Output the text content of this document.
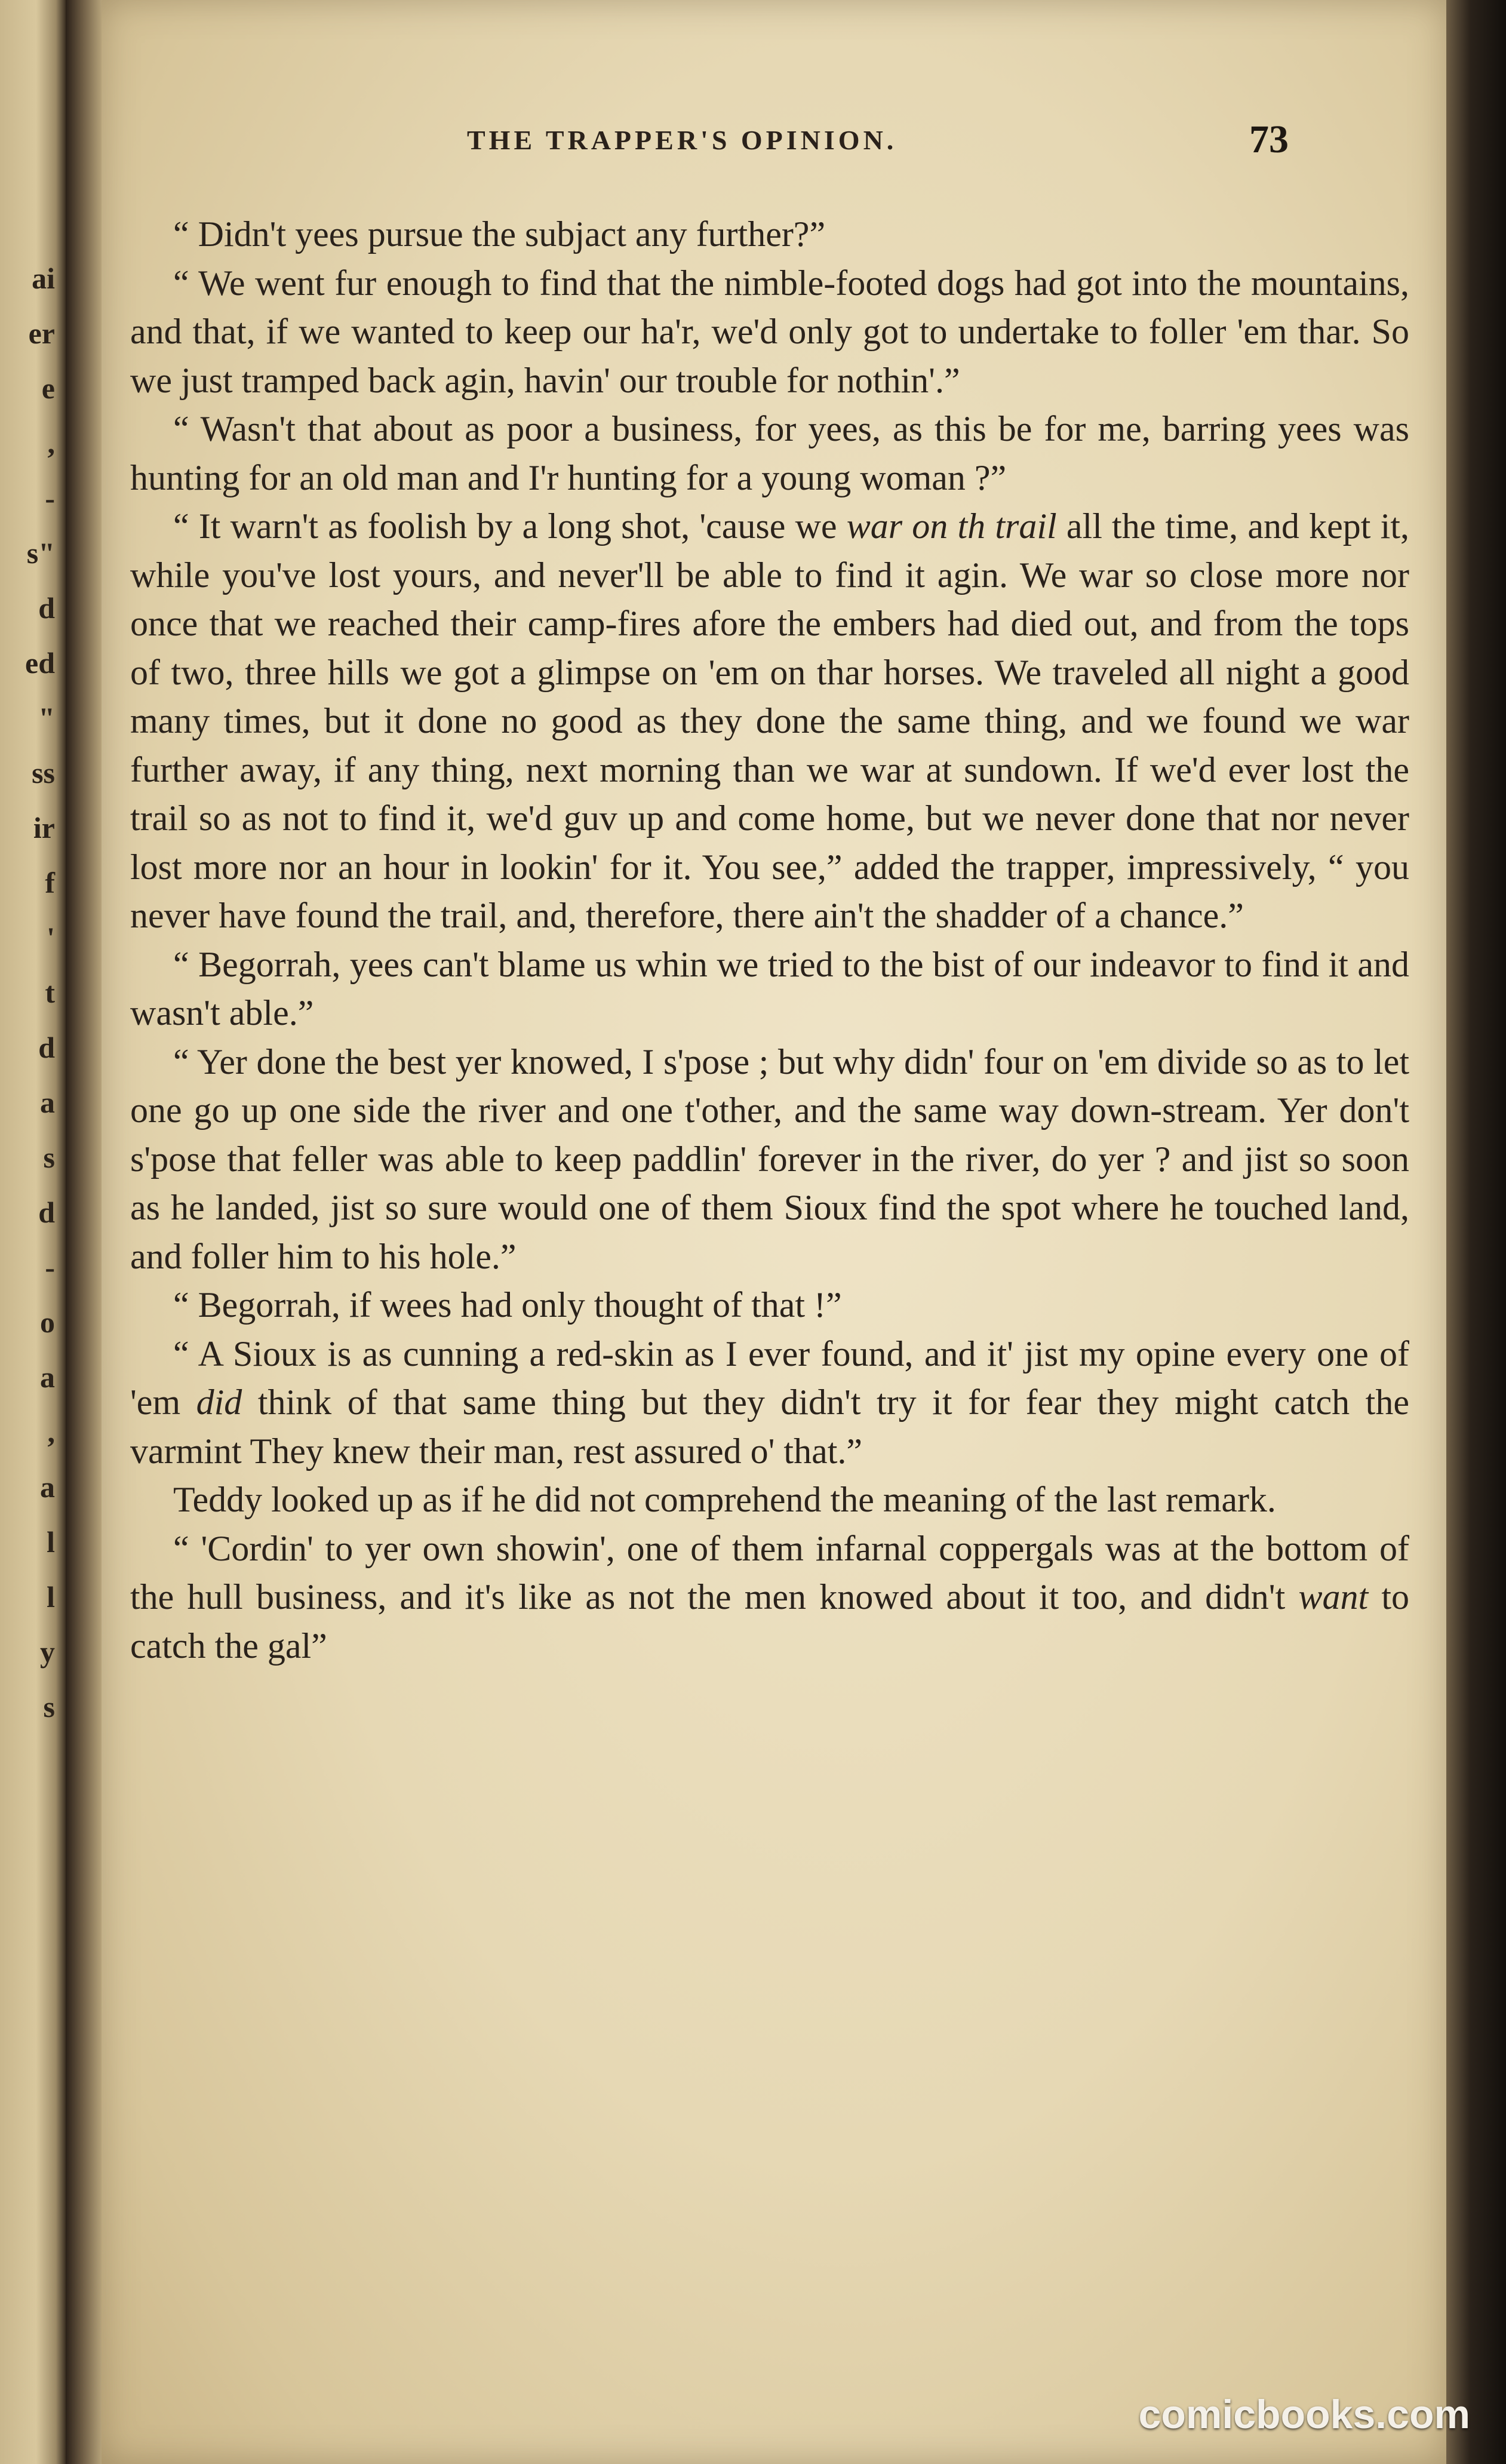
ai
er
e
,
-
s"
d
ed
"
ss
ir
f
'
t
d
a
s
d
-
o
a
,
a
l
l
y
s
THE TRAPPER'S OPINION.	73

“ Didn't yees pursue the subjact any further?”

“ We went fur enough to find that the nimble-footed dogs had got into the mountains, and that, if we wanted to keep our ha'r, we'd only got to undertake to foller 'em thar. So we just tramped back agin, havin' our trouble for nothin'.”

“ Wasn't that about as poor a business, for yees, as this be for me, barring yees was hunting for an old man and I'r hunting for a young woman ?”

“ It warn't as foolish by a long shot, 'cause we war on th trail all the time, and kept it, while you've lost yours, and never'll be able to find it agin. We war so close more nor once that we reached their camp-fires afore the embers had died out, and from the tops of two, three hills we got a glimpse on 'em on thar horses. We traveled all night a good many times, but it done no good as they done the same thing, and we found we war further away, if any thing, next morning than we war at sundown. If we'd ever lost the trail so as not to find it, we'd guv up and come home, but we never done that nor never lost more nor an hour in lookin' for it. You see,” added the trapper, impressively, “ you never have found the trail, and, therefore, there ain't the shadder of a chance.”

“ Begorrah, yees can't blame us whin we tried to the bist of our indeavor to find it and wasn't able.”

“ Yer done the best yer knowed, I s'pose ; but why didn' four on 'em divide so as to let one go up one side the river and one t'other, and the same way down-stream. Yer don't s'pose that feller was able to keep paddlin' forever in the river, do yer ? and jist so soon as he landed, jist so sure would one of them Sioux find the spot where he touched land, and foller him to his hole.”

“ Begorrah, if wees had only thought of that !”

“ A Sioux is as cunning a red-skin as I ever found, and it' jist my opine every one of 'em did think of that same thing but they didn't try it for fear they might catch the varmint They knew their man, rest assured o' that.”

Teddy looked up as if he did not comprehend the meaning of the last remark.

“ 'Cordin' to yer own showin', one of them infarnal coppergals was at the bottom of the hull business, and it's like as not the men knowed about it too, and didn't want to catch the gal”

comicbooks.com
